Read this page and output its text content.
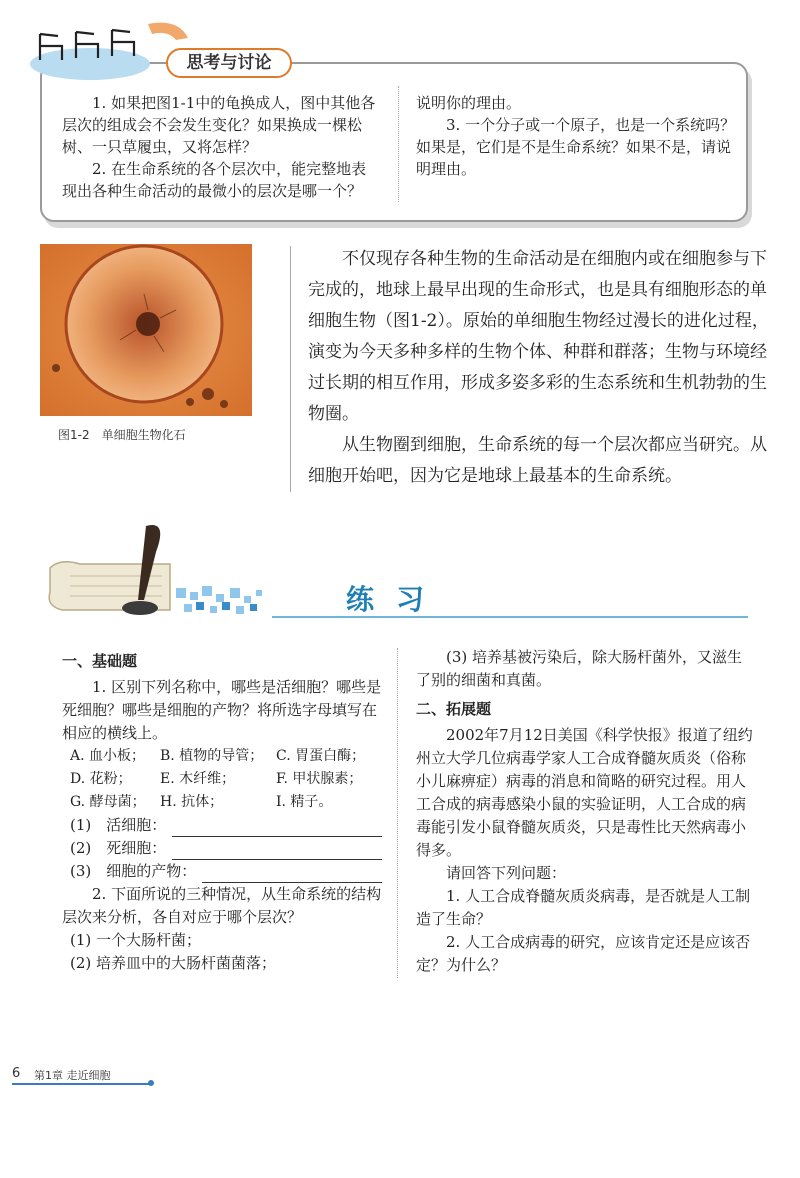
思考与讨论

1. 如果把图1-1中的龟换成人，图中其他各层次的组成会不会发生变化？如果换成一棵松树、一只草履虫，又将怎样？

2. 在生命系统的各个层次中，能完整地表现出各种生命活动的最微小的层次是哪一个？

说明你的理由。

3. 一个分子或一个原子，也是一个系统吗？如果是，它们是不是生命系统？如果不是，请说明理由。

图1-2　单细胞生物化石

不仅现存各种生物的生命活动是在细胞内或在细胞参与下完成的，地球上最早出现的生命形式，也是具有细胞形态的单细胞生物（图1-2）。原始的单细胞生物经过漫长的进化过程，演变为今天多种多样的生物个体、种群和群落；生物与环境经过长期的相互作用，形成多姿多彩的生态系统和生机勃勃的生物圈。

从生物圈到细胞，生命系统的每一个层次都应当研究。从细胞开始吧，因为它是地球上最基本的生命系统。

练习
一、基础题

1. 区别下列名称中，哪些是活细胞？哪些是死细胞？哪些是细胞的产物？将所选字母填写在相应的横线上。

A. 血小板；	B. 植物的导管； C. 胃蛋白酶；
D. 花粉；	E. 木纤维；	F. 甲状腺素；
G. 酵母菌；	H. 抗体；	I. 精子。
(1)　活细胞：
(2)　死细胞：
(3)　细胞的产物：

2. 下面所说的三种情况，从生命系统的结构层次来分析，各自对应于哪个层次？

(1) 一个大肠杆菌；

(2) 培养皿中的大肠杆菌菌落；

(3) 培养基被污染后，除大肠杆菌外，又滋生了别的细菌和真菌。

二、拓展题

2002年7月12日美国《科学快报》报道了纽约州立大学几位病毒学家人工合成脊髓灰质炎（俗称小儿麻痹症）病毒的消息和简略的研究过程。用人工合成的病毒感染小鼠的实验证明，人工合成的病毒能引发小鼠脊髓灰质炎，只是毒性比天然病毒小得多。

请回答下列问题：

1. 人工合成脊髓灰质炎病毒，是否就是人工制造了生命？

2. 人工合成病毒的研究，应该肯定还是应该否定？为什么？

6 第1章 走近细胞
